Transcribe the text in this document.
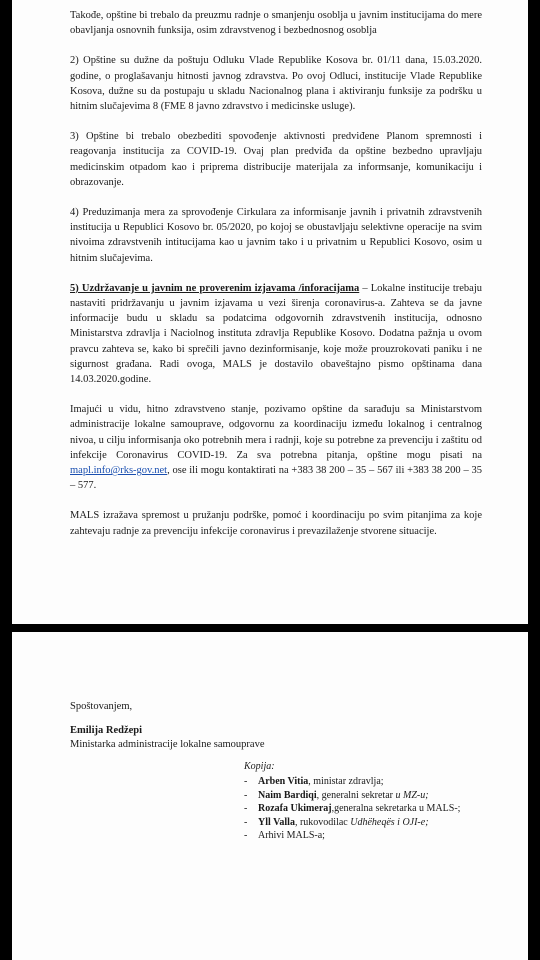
Takođe, opštine bi trebalo da preuzmu radnje o smanjenju osoblja u javnim institucijama do mere obavljanja osnovnih funksija, osim zdravstvenog i bezbednosnog osoblja

2) Opštine su dužne da poštuju Odluku Vlade Republike Kosova br. 01/11 dana, 15.03.2020. godine, o proglašavanju hitnosti javnog zdravstva. Po ovoj Odluci, institucije Vlade Republike Kosova, dužne su da postupaju u skladu Nacionalnog plana i aktiviranju funksije za podršku u hitnim slučajevima 8 (FME 8 javno zdravstvo i medicinske usluge).

3) Opštine bi trebalo obezbediti spovođenje aktivnosti predviđene Planom spremnosti i reagovanja institucija za COVID-19. Ovaj plan predviđa da opštine bezbedno upravljaju medicinskim otpadom kao i priprema distribucije materijala za informsanje, komunikaciju i obrazovanje.

4) Preduzimanja mera za sprovođenje Cirkulara za informisanje javnih i privatnih zdravstvenih institucija u Republici Kosovo br. 05/2020, po kojoj se obustavljaju selektivne operacije na svim nivoima zdravstvenih intitucijama kao u javnim tako i u privatnim u Republici Kosovo, osim u hitnim slučajevima.

5) Uzdržavanje u javnim ne proverenim izjavama /inforacijama – Lokalne institucije trebaju nastaviti pridržavanju u javnim izjavama u vezi širenja coronavirus-a. Zahteva se da javne informacije budu u skladu sa podatcima odgovornih zdravstvenih institucija, odnosno Ministarstva zdravlja i Naciolnog instituta zdravlja Republike Kosovo. Dodatna pažnja u ovom pravcu zahteva se, kako bi sprečili javno dezinformisanje, koje može prouzrokovati paniku i ne sigurnost građana. Radi ovoga, MALS je dostavilo obaveštajno pismo opštinama dana 14.03.2020.godine.

Imajući u vidu, hitno zdravstveno stanje, pozivamo opštine da sarađuju sa Ministarstvom administracije lokalne samouprave, odgovornu za koordinaciju između lokalnog i centralnog nivoa, u cilju informisanja oko potrebnih mera i radnji, koje su potrebne za prevenciju i zaštitu od infekcije Coronavirus COVID-19. Za sva potrebna pitanja, opštine mogu pisati na mapl.info@rks-gov.net, ose ili mogu kontaktirati na +383 38 200 – 35 – 567 ili +383 38 200 – 35 – 577.

MALS izražava spremost u pružanju podrške, pomoć i koordinaciju po svim pitanjima za koje zahtevaju radnje za prevenciju infekcije coronavirus i prevazilaženje stvorene situacije.

Spoštovanjem,
Emilija Redžepi
Ministarka administracije lokalne samouprave
Kopija:
- Arben Vitia, ministar zdravlja;
- Naim Bardiqi, generalni sekretar u MZ-u;
- Rozafa Ukimeraj,generalna sekretarka u MALS-;
- Yll Valla, rukovodilac Udhëheqës i OJI-e;
- Arhivi MALS-a;
